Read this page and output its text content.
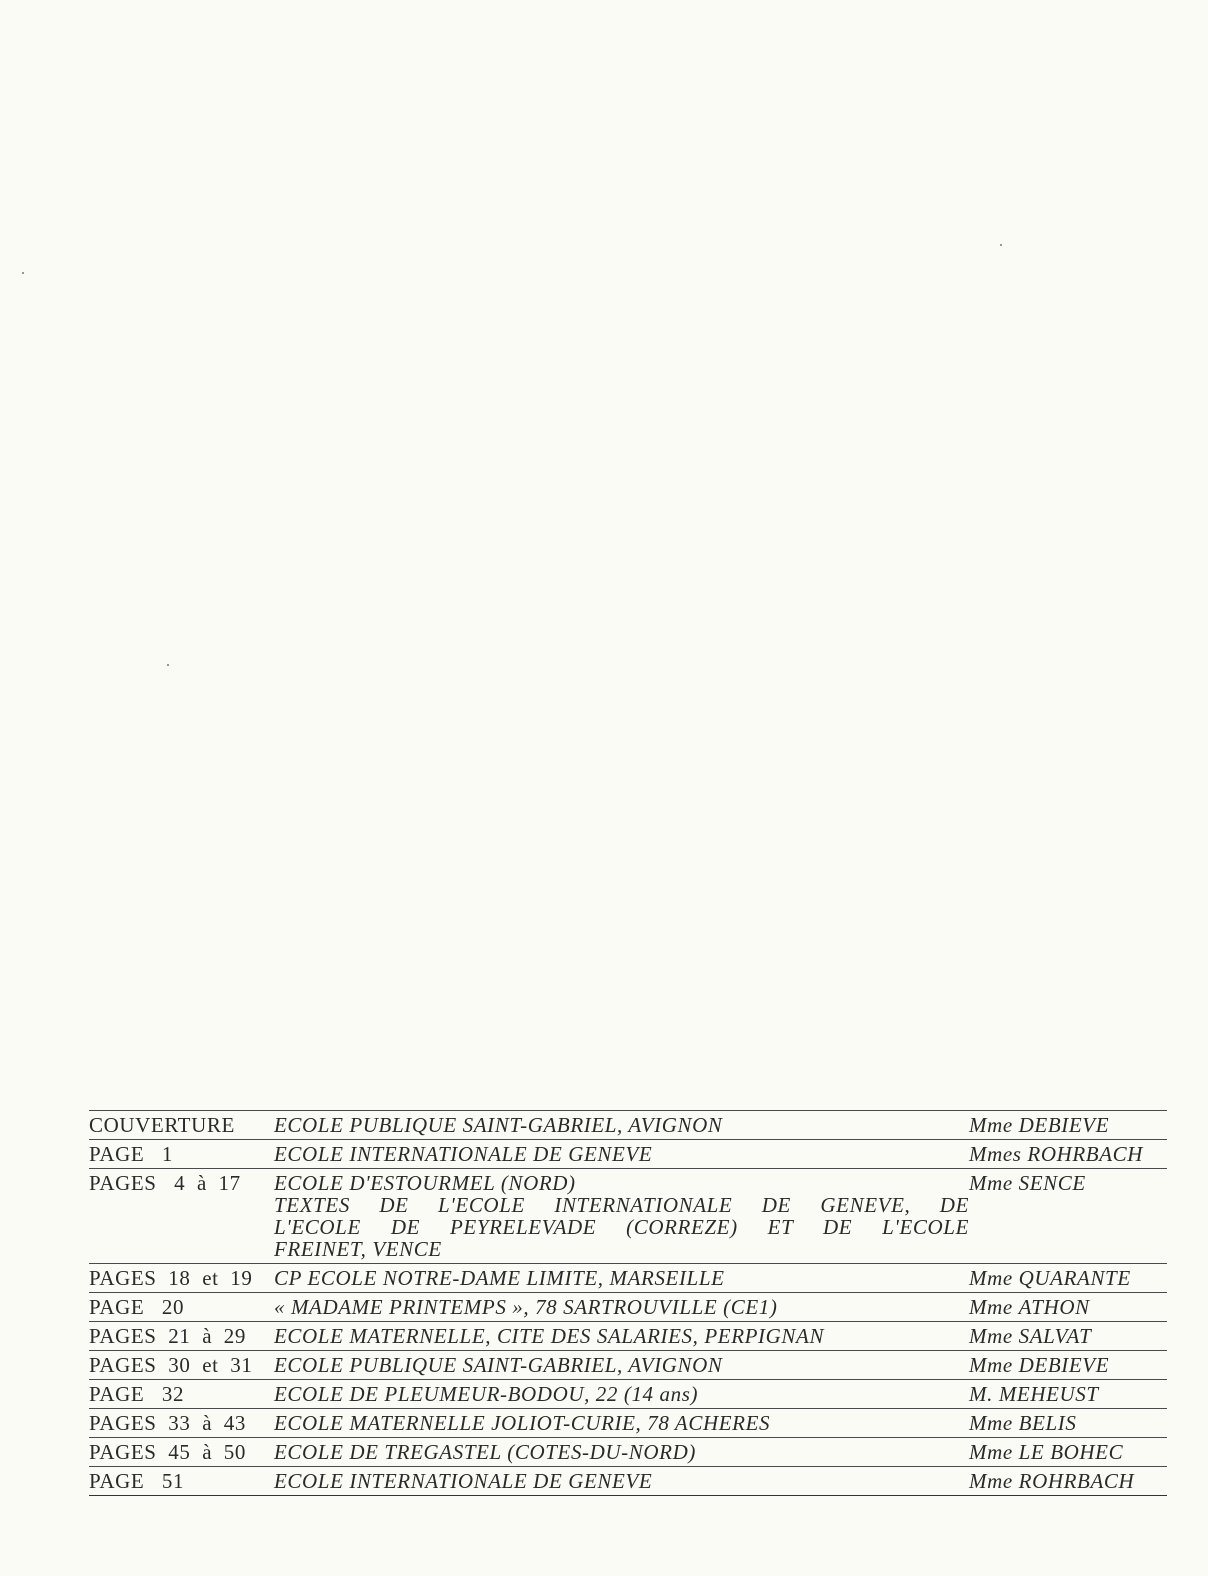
COUVERTURE	ECOLE PUBLIQUE SAINT-GABRIEL, AVIGNON	Mme DEBIEVE
PAGE   1	ECOLE INTERNATIONALE DE GENEVE	Mmes ROHRBACH
PAGES   4  à  17	ECOLE D'ESTOURMEL (NORD)
TEXTES DE L'ECOLE INTERNATIONALE DE GENEVE, DE
L'ECOLE DE PEYRELEVADE (CORREZE) ET DE L'ECOLE
FREINET, VENCE	Mme SENCE
PAGES  18  et  19	CP ECOLE NOTRE-DAME LIMITE, MARSEILLE	Mme QUARANTE
PAGE   20	« MADAME PRINTEMPS », 78 SARTROUVILLE (CE1)	Mme ATHON
PAGES  21  à  29	ECOLE MATERNELLE, CITE DES SALARIES, PERPIGNAN	Mme SALVAT
PAGES  30  et  31	ECOLE PUBLIQUE SAINT-GABRIEL, AVIGNON	Mme DEBIEVE
PAGE   32	ECOLE DE PLEUMEUR-BODOU, 22 (14 ans)	M. MEHEUST
PAGES  33  à  43	ECOLE MATERNELLE JOLIOT-CURIE, 78 ACHERES	Mme BELIS
PAGES  45  à  50	ECOLE DE TREGASTEL (COTES-DU-NORD)	Mme LE BOHEC
PAGE   51	ECOLE INTERNATIONALE DE GENEVE	Mme ROHRBACH
